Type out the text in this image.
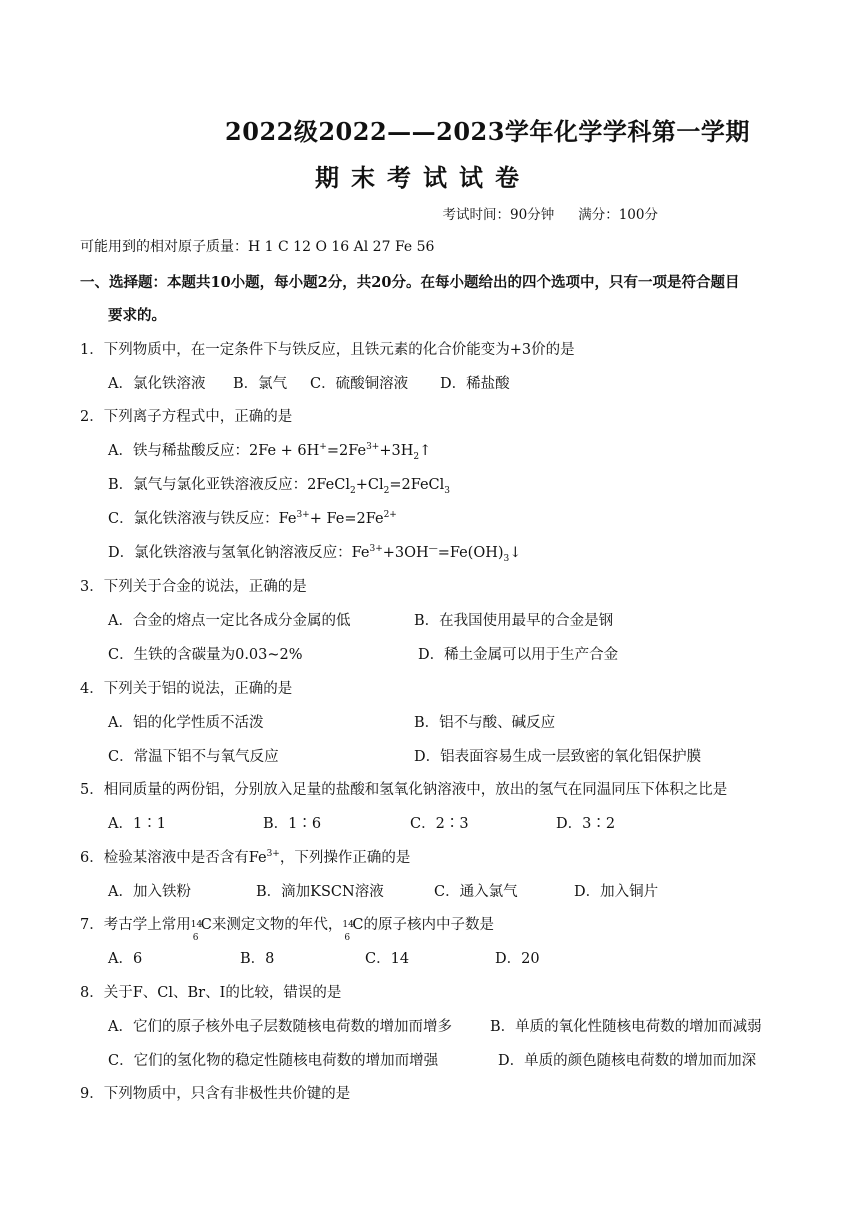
2022级2022——2023学年化学学科第一学期
期末考试试卷
考试时间：90分钟 满分：100分
可能用到的相对原子质量：H 1 C 12 O 16 Al 27 Fe 56
一、选择题：本题共10小题，每小题2分，共20分。在每小题给出的四个选项中，只有一项是符合题目
要求的。
1．下列物质中，在一定条件下与铁反应，且铁元素的化合价能变为+3价的是
A．氯化铁溶液 B．氯气 C．硫酸铜溶液 D．稀盐酸
2．下列离子方程式中，正确的是
A．铁与稀盐酸反应：$2Fe + 6H^+=2Fe^{3+}+3H_2↑$
B．氯气与氯化亚铁溶液反应：$2FeCl_2+Cl_2=2FeCl_3$
C．氯化铁溶液与铁反应：$Fe^{3+}+ Fe=2Fe^{2+}$
D．氯化铁溶液与氢氧化钠溶液反应：$Fe^{3+}+3OH^—=Fe(OH)_3↓$
3．下列关于合金的说法，正确的是
A．合金的熔点一定比各成分金属的低	B．在我国使用最早的合金是钢
C．生铁的含碳量为0.03~2%	D．稀土金属可以用于生产合金
4．下列关于铝的说法，正确的是
A．铝的化学性质不活泼	B．铝不与酸、碱反应
C．常温下铝不与氧气反应	D．铝表面容易生成一层致密的氧化铝保护膜
5．相同质量的两份铝，分别放入足量的盐酸和氢氧化钠溶液中，放出的氢气在同温同压下体积之比是
A．1∶1	B．1∶6	C．2∶3	D．3∶2
6．检验某溶液中是否含有$Fe^{3+}$，下列操作正确的是
A．加入铁粉	B．滴加KSCN溶液	C．通入氯气	D．加入铜片
7．考古学上常用 14
6
C来测定文物的年代， 14
6
C的原子核内中子数是
A．6	B．8	C．14	D．20
8．关于F、Cl、Br、I的比较，错误的是
A．它们的原子核外电子层数随核电荷数的增加而增多	B．单质的氧化性随核电荷数的增加而减弱
C．它们的氢化物的稳定性随核电荷数的增加而增强	D．单质的颜色随核电荷数的增加而加深
9．下列物质中，只含有非极性共价键的是
